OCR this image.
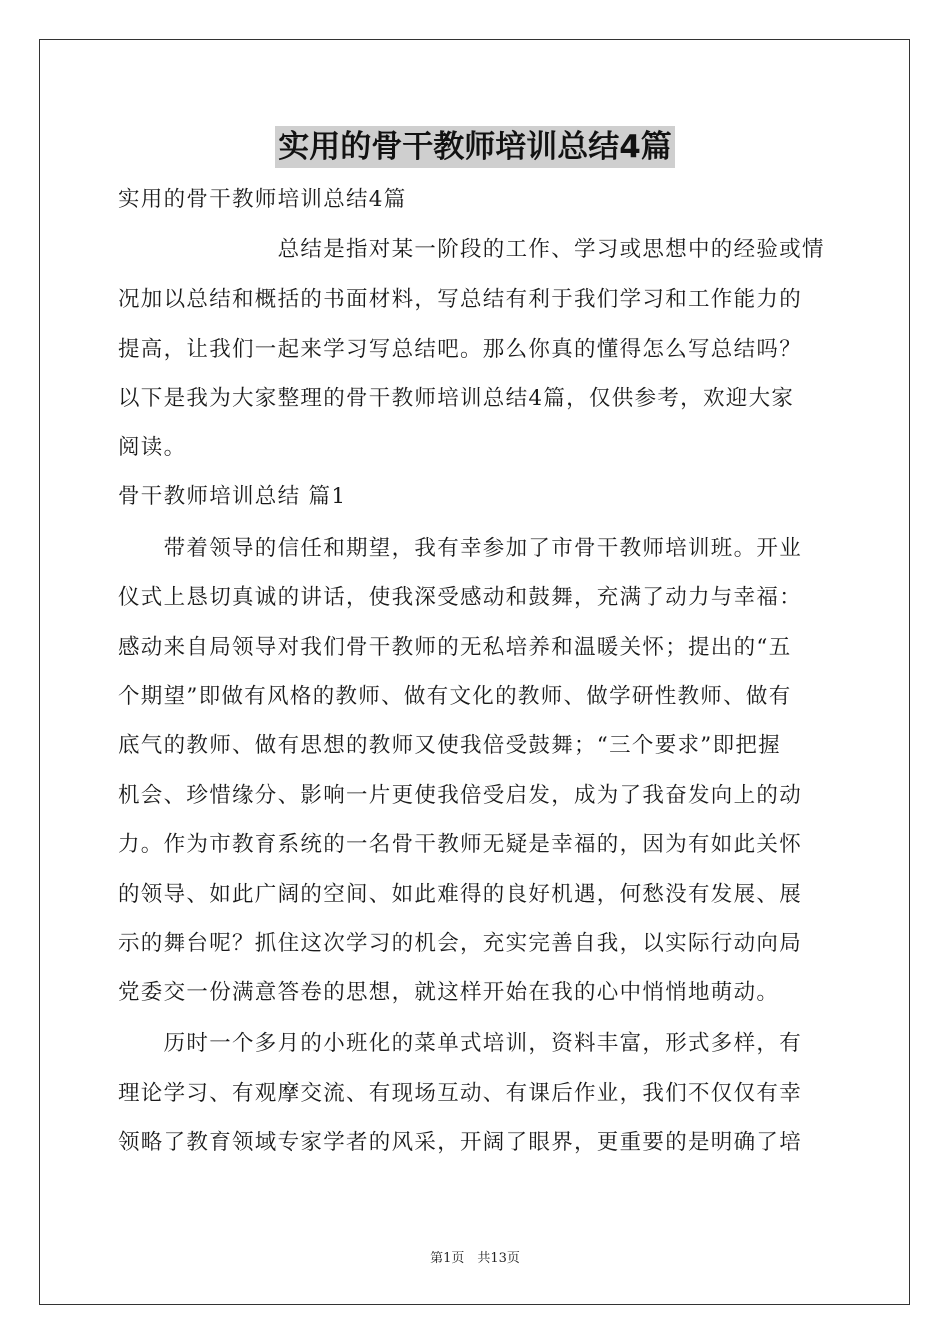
实用的骨干教师培训总结4篇
实用的骨干教师培训总结4篇
　　　　　　　总结是指对某一阶段的工作、学习或思想中的经验或情
况加以总结和概括的书面材料，写总结有利于我们学习和工作能力的
提高，让我们一起来学习写总结吧。那么你真的懂得怎么写总结吗？
以下是我为大家整理的骨干教师培训总结4篇，仅供参考，欢迎大家
阅读。
骨干教师培训总结 篇1
　　带着领导的信任和期望，我有幸参加了市骨干教师培训班。开业
仪式上恳切真诚的讲话，使我深受感动和鼓舞，充满了动力与幸福：
感动来自局领导对我们骨干教师的无私培养和温暖关怀；提出的“五
个期望”即做有风格的教师、做有文化的教师、做学研性教师、做有
底气的教师、做有思想的教师又使我倍受鼓舞；“三个要求”即把握
机会、珍惜缘分、影响一片更使我倍受启发，成为了我奋发向上的动
力。作为市教育系统的一名骨干教师无疑是幸福的，因为有如此关怀
的领导、如此广阔的空间、如此难得的良好机遇，何愁没有发展、展
示的舞台呢？抓住这次学习的机会，充实完善自我，以实际行动向局
党委交一份满意答卷的思想，就这样开始在我的心中悄悄地萌动。
　　历时一个多月的小班化的菜单式培训，资料丰富，形式多样，有
理论学习、有观摩交流、有现场互动、有课后作业，我们不仅仅有幸
领略了教育领域专家学者的风采，开阔了眼界，更重要的是明确了培
第1页　共13页
